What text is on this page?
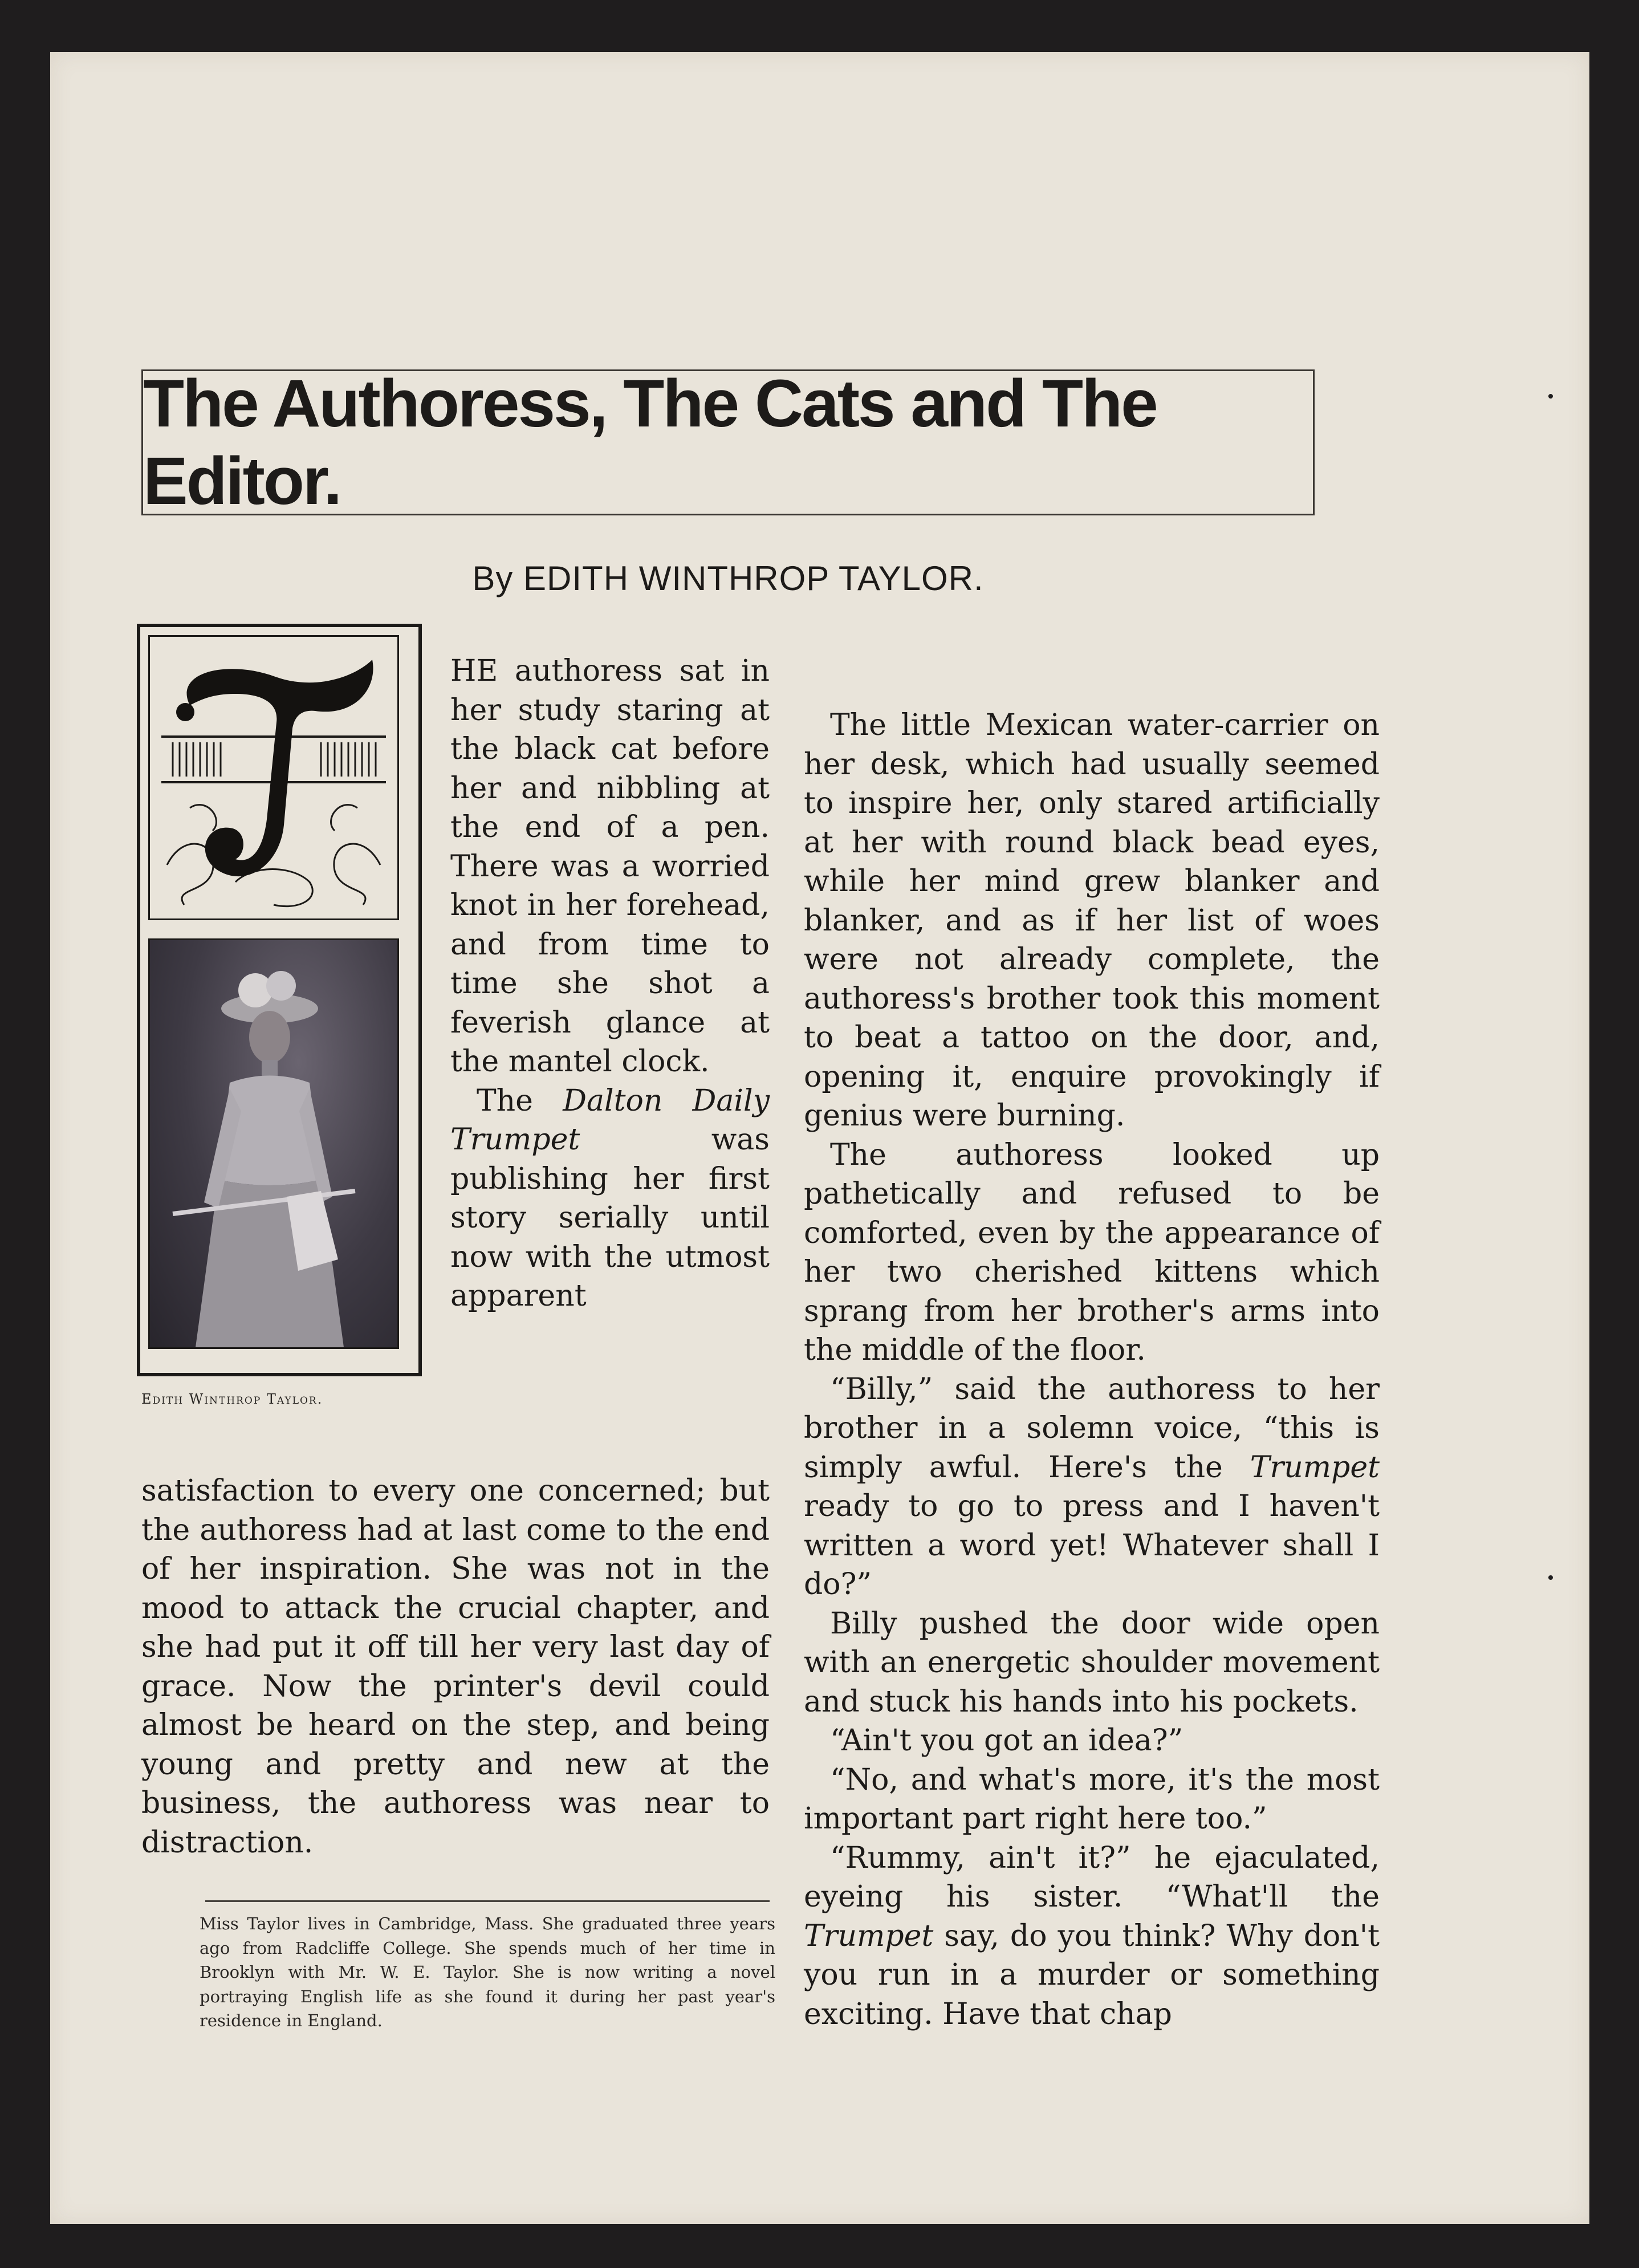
The Authoress, The Cats and The Editor.
By EDITH WINTHROP TAYLOR.
Edith Winthrop Taylor.

HE authoress sat in her study staring at the black cat before her and nibbling at the end of a pen. There was a worried knot in her forehead, and from time to time she shot a feverish glance at the mantel clock.

The Dalton Daily Trumpet was publishing her first story serially until now with the utmost apparent

satisfaction to every one concerned; but the authoress had at last come to the end of her inspiration. She was not in the mood to attack the crucial chapter, and she had put it off till her very last day of grace. Now the printer's devil could almost be heard on the step, and being young and pretty and new at the business, the authoress was near to distraction.

Miss Taylor lives in Cambridge, Mass. She graduated three years ago from Radcliffe College. She spends much of her time in Brooklyn with Mr. W. E. Taylor. She is now writing a novel portraying English life as she found it during her past year's residence in England.

The little Mexican water-carrier on her desk, which had usually seemed to inspire her, only stared artificially at her with round black bead eyes, while her mind grew blanker and blanker, and as if her list of woes were not already complete, the authoress's brother took this moment to beat a tattoo on the door, and, opening it, enquire provokingly if genius were burning.

The authoress looked up pathetically and refused to be comforted, even by the appearance of her two cherished kittens which sprang from her brother's arms into the middle of the floor.

“Billy,” said the authoress to her brother in a solemn voice, “this is simply awful. Here's the Trumpet ready to go to press and I haven't written a word yet! Whatever shall I do?”

Billy pushed the door wide open with an energetic shoulder movement and stuck his hands into his pockets.

“Ain't you got an idea?”

“No, and what's more, it's the most important part right here too.”

“Rummy, ain't it?” he ejaculated, eyeing his sister. “What'll the Trumpet say, do you think? Why don't you run in a murder or something exciting. Have that chap
